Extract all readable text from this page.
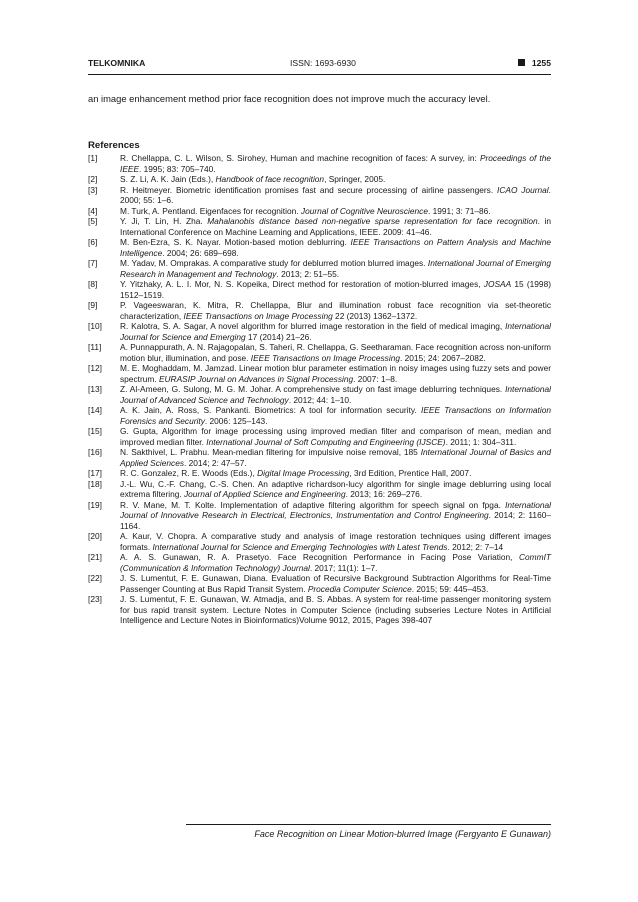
TELKOMNIKA	ISSN: 1693-6930	1255
an image enhancement method prior face recognition does not improve much the accuracy level.
References
[1]	R. Chellappa, C. L. Wilson, S. Sirohey, Human and machine recognition of faces: A survey, in: Proceedings of the IEEE. 1995; 83: 705–740.
[2]	S. Z. Li, A. K. Jain (Eds.), Handbook of face recognition, Springer, 2005.
[3]	R. Heitmeyer. Biometric identification promises fast and secure processing of airline passengers. ICAO Journal. 2000; 55: 1–6.
[4]	M. Turk, A. Pentland. Eigenfaces for recognition. Journal of Cognitive Neuroscience. 1991; 3: 71–86.
[5]	Y. Ji, T. Lin, H. Zha. Mahalanobis distance based non-negative sparse representation for face recognition. in International Conference on Machine Learning and Applications, IEEE. 2009: 41–46.
[6]	M. Ben-Ezra, S. K. Nayar. Motion-based motion deblurring. IEEE Transactions on Pattern Analysis and Machine Intelligence. 2004; 26: 689–698.
[7]	M. Yadav, M. Omprakas. A comparative study for deblurred motion blurred images. International Journal of Emerging Research in Management and Technology. 2013; 2: 51–55.
[8]	Y. Yitzhaky, A. L. I. Mor, N. S. Kopeika, Direct method for restoration of motion-blurred images, JOSAA 15 (1998) 1512–1519.
[9]	P. Vageeswaran, K. Mitra, R. Chellappa, Blur and illumination robust face recognition via set-theoretic characterization, IEEE Transactions on Image Processing 22 (2013) 1362–1372.
[10] R. Kalotra, S. A. Sagar, A novel algorithm for blurred image restoration in the field of medical imaging, International Journal for Science and Emerging 17 (2014) 21–26.
[11] A. Punnappurath, A. N. Rajagopalan, S. Taheri, R. Chellappa, G. Seetharaman. Face recognition across non-uniform motion blur, illumination, and pose. IEEE Transactions on Image Processing. 2015; 24: 2067–2082.
[12] M. E. Moghaddam, M. Jamzad. Linear motion blur parameter estimation in noisy images using fuzzy sets and power spectrum. EURASIP Journal on Advances in Signal Processing. 2007: 1–8.
[13] Z. Al-Ameen, G. Sulong, M. G. M. Johar. A comprehensive study on fast image deblurring techniques. International Journal of Advanced Science and Technology. 2012; 44: 1–10.
[14] A. K. Jain, A. Ross, S. Pankanti. Biometrics: A tool for information security. IEEE Transactions on Information Forensics and Security. 2006: 125–143.
[15] G. Gupta, Algorithm for image processing using improved median filter and comparison of mean, median and improved median filter. International Journal of Soft Computing and Engineering (IJSCE). 2011; 1: 304–311.
[16] N. Sakthivel, L. Prabhu. Mean-median filtering for impulsive noise removal, 185 International Journal of Basics and Applied Sciences. 2014; 2: 47–57.
[17] R. C. Gonzalez, R. E. Woods (Eds.), Digital Image Processing, 3rd Edition, Prentice Hall, 2007.
[18] J.-L. Wu, C.-F. Chang, C.-S. Chen. An adaptive richardson-lucy algorithm for single image deblurring using local extrema filtering. Journal of Applied Science and Engineering. 2013; 16: 269–276.
[19] R. V. Mane, M. T. Kolte. Implementation of adaptive filtering algorithm for speech signal on fpga. International Journal of Innovative Research in Electrical, Electronics, Instrumentation and Control Engineering. 2014; 2: 1160–1164.
[20] A. Kaur, V. Chopra. A comparative study and analysis of image restoration techniques using different images formats. International Journal for Science and Emerging Technologies with Latest Trends. 2012; 2: 7–14
[21] A. A. S. Gunawan, R. A. Prasetyo. Face Recognition Performance in Facing Pose Variation, CommIT (Communication & Information Technology) Journal. 2017; 11(1): 1–7.
[22] J. S. Lumentut, F. E. Gunawan, Diana. Evaluation of Recursive Background Subtraction Algorithms for Real-Time Passenger Counting at Bus Rapid Transit System. Procedia Computer Science. 2015; 59: 445–453.
[23] J. S. Lumentut, F. E. Gunawan, W. Atmadja, and B. S. Abbas. A system for real-time passenger monitoring system for bus rapid transit system. Lecture Notes in Computer Science (including subseries Lecture Notes in Artificial Intelligence and Lecture Notes in Bioinformatics)Volume 9012, 2015, Pages 398-407
Face Recognition on Linear Motion-blurred Image (Fergyanto E Gunawan)
